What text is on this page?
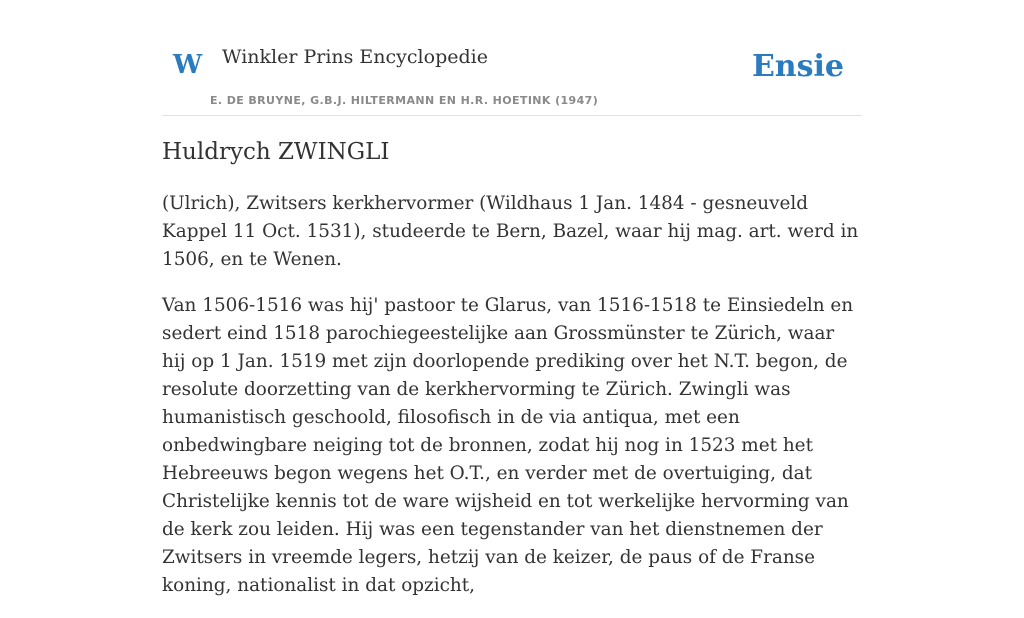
W Winkler Prins Encyclopedie
E. DE BRUYNE, G.B.J. HILTERMANN EN H.R. HOETINK (1947)
Ensie
Huldrych ZWINGLI

(Ulrich), Zwitsers kerkhervormer (Wildhaus 1 Jan. 1484 - gesneuveld Kappel 11 Oct. 1531), studeerde te Bern, Bazel, waar hij mag. art. werd in 1506, en te Wenen.

Van 1506-1516 was hij' pastoor te Glarus, van 1516-1518 te Einsiedeln en sedert eind 1518 parochiegeestelijke aan Grossmünster te Zürich, waar hij op 1 Jan. 1519 met zijn doorlopende prediking over het N.T. begon, de resolute doorzetting van de kerkhervorming te Zürich. Zwingli was humanistisch geschoold, filosofisch in de via antiqua, met een onbedwingbare neiging tot de bronnen, zodat hij nog in 1523 met het Hebreeuws begon wegens het O.T., en verder met de overtuiging, dat Christelijke kennis tot de ware wijsheid en tot werkelijke hervorming van de kerk zou leiden. Hij was een tegenstander van het dienstnemen der Zwitsers in vreemde legers, hetzij van de keizer, de paus of de Franse koning, nationalist in dat opzicht,
